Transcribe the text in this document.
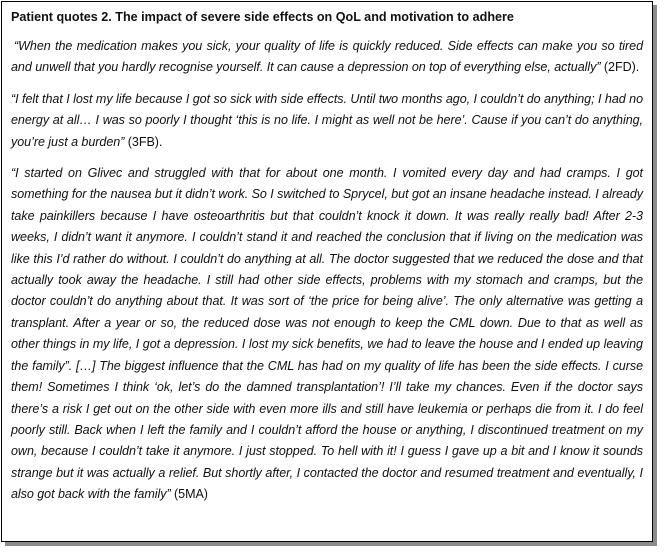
Patient quotes 2. The impact of severe side effects on QoL and motivation to adhere

“When the medication makes you sick, your quality of life is quickly reduced. Side effects can make you so tired and unwell that you hardly recognise yourself. It can cause a depression on top of everything else, actually” (2FD).

“I felt that I lost my life because I got so sick with side effects. Until two months ago, I couldn’t do anything; I had no energy at all… I was so poorly I thought ‘this is no life. I might as well not be here’. Cause if you can’t do anything, you’re just a burden” (3FB).

“I started on Glivec and struggled with that for about one month. I vomited every day and had cramps. I got something for the nausea but it didn’t work. So I switched to Sprycel, but got an insane headache instead. I already take painkillers because I have osteoarthritis but that couldn’t knock it down. It was really really bad! After 2-3 weeks, I didn’t want it anymore. I couldn’t stand it and reached the conclusion that if living on the medication was like this I’d rather do without. I couldn’t do anything at all. The doctor suggested that we reduced the dose and that actually took away the headache. I still had other side effects, problems with my stomach and cramps, but the doctor couldn’t do anything about that. It was sort of ‘the price for being alive’. The only alternative was getting a transplant. After a year or so, the reduced dose was not enough to keep the CML down. Due to that as well as other things in my life, I got a depression. I lost my sick benefits, we had to leave the house and I ended up leaving the family”. […] The biggest influence that the CML has had on my quality of life has been the side effects. I curse them! Sometimes I think ‘ok, let’s do the damned transplantation’! I’ll take my chances. Even if the doctor says there’s a risk I get out on the other side with even more ills and still have leukemia or perhaps die from it. I do feel poorly still. Back when I left the family and I couldn’t afford the house or anything, I discontinued treatment on my own, because I couldn’t take it anymore. I just stopped. To hell with it! I guess I gave up a bit and I know it sounds strange but it was actually a relief. But shortly after, I contacted the doctor and resumed treatment and eventually, I also got back with the family” (5MA)
